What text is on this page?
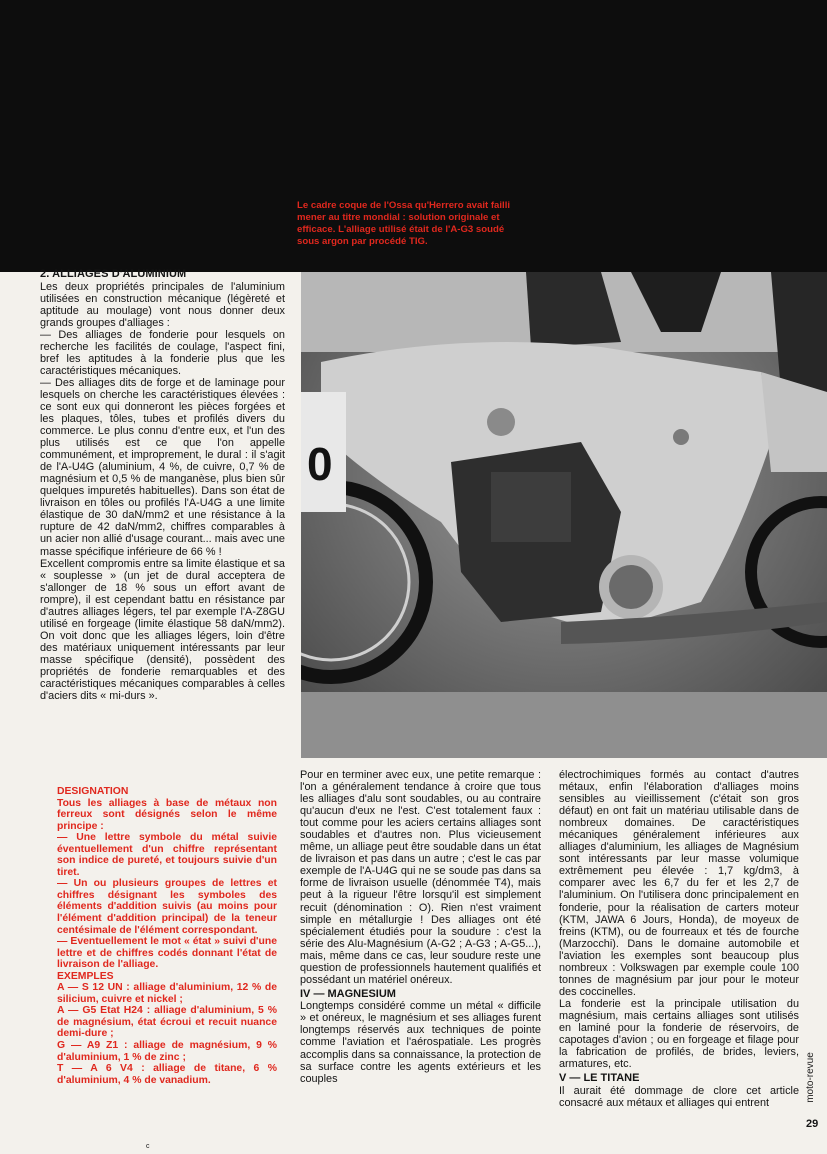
Le cadre coque de l'Ossa qu'Herrero avait failli mener au titre mondial : solution originale et efficace. L'alliage utilisé était de l'A-G3 soudé sous argon par procédé TIG.
0
2. ALLIAGES D'ALUMINIUM

Les deux propriétés principales de l'aluminium utilisées en construction mécanique (légèreté et aptitude au moulage) vont nous donner deux grands groupes d'alliages :

— Des alliages de fonderie pour lesquels on recherche les facilités de coulage, l'aspect fini, bref les aptitudes à la fonderie plus que les caractéristiques mécaniques.

— Des alliages dits de forge et de laminage pour lesquels on cherche les caractéristiques élevées : ce sont eux qui donneront les pièces forgées et les plaques, tôles, tubes et profilés divers du commerce. Le plus connu d'entre eux, et l'un des plus utilisés est ce que l'on appelle communément, et improprement, le dural : il s'agit de l'A-U4G (aluminium, 4 %, de cuivre, 0,7 % de magnésium et 0,5 % de manganèse, plus bien sûr quelques impuretés habituelles). Dans son état de livraison en tôles ou profilés l'A-U4G a une limite élastique de 30 daN/mm2 et une résistance à la rupture de 42 daN/mm2, chiffres comparables à un acier non allié d'usage courant... mais avec une masse spécifique inférieure de 66 % !

Excellent compromis entre sa limite élastique et sa « souplesse » (un jet de dural acceptera de s'allonger de 18 % sous un effort avant de rompre), il est cependant battu en résistance par d'autres alliages légers, tel par exemple l'A-Z8GU utilisé en forgeage (limite élastique 58 daN/mm2). On voit donc que les alliages légers, loin d'être des matériaux uniquement intéressants par leur masse spécifique (densité), possèdent des propriétés de fonderie remarquables et des caractéristiques mécaniques comparables à celles d'aciers dits « mi-durs ».

DESIGNATION

Tous les alliages à base de métaux non ferreux sont désignés selon le même principe :

— Une lettre symbole du métal suivie éventuellement d'un chiffre représentant son indice de pureté, et toujours suivie d'un tiret.

— Un ou plusieurs groupes de lettres et chiffres désignant les symboles des éléments d'addition suivis (au moins pour l'élément d'addition principal) de la teneur centésimale de l'élément correspondant.

— Eventuellement le mot « état » suivi d'une lettre et de chiffres codés donnant l'état de livraison de l'alliage.

EXEMPLES

A — S 12 UN : alliage d'aluminium, 12 % de silicium, cuivre et nickel ;

A — G5 Etat H24 : alliage d'aluminium, 5 % de magnésium, état écroui et recuit nuance demi-dure ;

G — A9 Z1 : alliage de magnésium, 9 % d'aluminium, 1 % de zinc ;

T — A 6 V4 : alliage de titane, 6 % d'aluminium, 4 % de vanadium.

Pour en terminer avec eux, une petite remarque : l'on a généralement tendance à croire que tous les alliages d'alu sont soudables, ou au contraire qu'aucun d'eux ne l'est. C'est totalement faux : tout comme pour les aciers certains alliages sont soudables et d'autres non. Plus vicieusement même, un alliage peut être soudable dans un état de livraison et pas dans un autre ; c'est le cas par exemple de l'A-U4G qui ne se soude pas dans sa forme de livraison usuelle (dénommée T4), mais peut à la rigueur l'être lorsqu'il est simplement recuit (dénomination : O). Rien n'est vraiment simple en métallurgie ! Des alliages ont été spécialement étudiés pour la soudure : c'est la série des Alu-Magnésium (A-G2 ; A-G3 ; A-G5...), mais, même dans ce cas, leur soudure reste une question de professionnels hautement qualifiés et possédant un matériel onéreux.

IV — MAGNESIUM

Longtemps considéré comme un métal « difficile » et onéreux, le magnésium et ses alliages furent longtemps réservés aux techniques de pointe comme l'aviation et l'aérospatiale. Les progrès accomplis dans sa connaissance, la protection de sa surface contre les agents extérieurs et les couples

électrochimiques formés au contact d'autres métaux, enfin l'élaboration d'alliages moins sensibles au vieillissement (c'était son gros défaut) en ont fait un matériau utilisable dans de nombreux domaines. De caractéristiques mécaniques généralement inférieures aux alliages d'aluminium, les alliages de Magnésium sont intéressants par leur masse volumique extrêmement peu élevée : 1,7 kg/dm3, à comparer avec les 6,7 du fer et les 2,7 de l'aluminium. On l'utilisera donc principalement en fonderie, pour la réalisation de carters moteur (KTM, JAWA 6 Jours, Honda), de moyeux de freins (KTM), ou de fourreaux et tés de fourche (Marzocchi). Dans le domaine automobile et l'aviation les exemples sont beaucoup plus nombreux : Volkswagen par exemple coule 100 tonnes de magnésium par jour pour le moteur des coccinelles.

La fonderie est la principale utilisation du magnésium, mais certains alliages sont utilisés en laminé pour la fonderie de réservoirs, de capotages d'avion ; ou en forgeage et filage pour la fabrication de profilés, de brides, leviers, armatures, etc.

V — LE TITANE

Il aurait été dommage de clore cet article consacré aux métaux et alliages qui entrent	moto-revue
29
c
